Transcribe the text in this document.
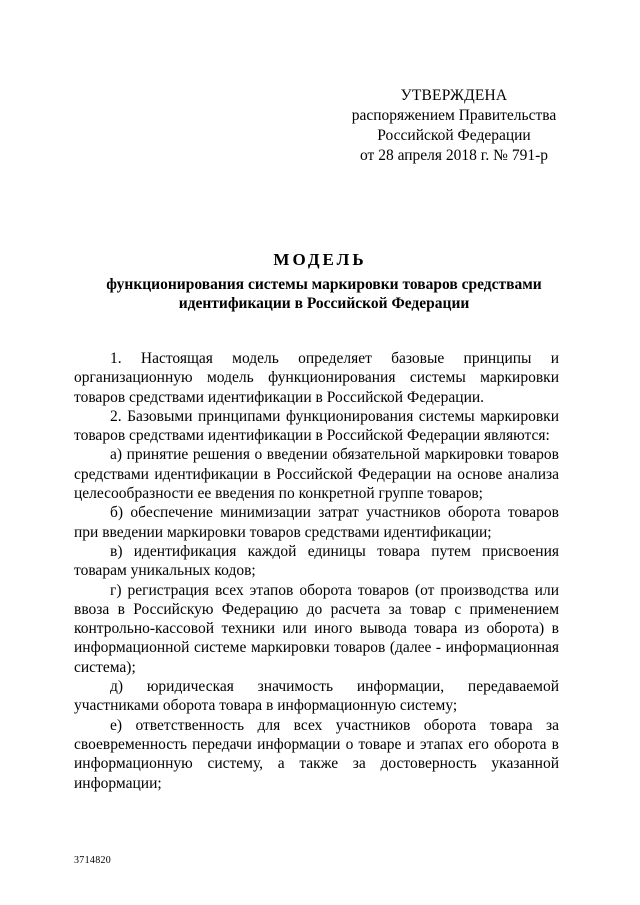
УТВЕРЖДЕНА
распоряжением Правительства
Российской Федерации
от 28 апреля 2018 г. № 791-р
МОДЕЛЬ
функционирования системы маркировки товаров средствами идентификации в Российской Федерации

1. Настоящая модель определяет базовые принципы и организационную модель функционирования системы маркировки товаров средствами идентификации в Российской Федерации.

2. Базовыми принципами функционирования системы маркировки товаров средствами идентификации в Российской Федерации являются:

а) принятие решения о введении обязательной маркировки товаров средствами идентификации в Российской Федерации на основе анализа целесообразности ее введения по конкретной группе товаров;

б) обеспечение минимизации затрат участников оборота товаров при введении маркировки товаров средствами идентификации;

в) идентификация каждой единицы товара путем присвоения товарам уникальных кодов;

г) регистрация всех этапов оборота товаров (от производства или ввоза в Российскую Федерацию до расчета за товар с применением контрольно-кассовой техники или иного вывода товара из оборота) в информационной системе маркировки товаров (далее - информационная система);

д) юридическая значимость информации, передаваемой участниками оборота товара в информационную систему;

е) ответственность для всех участников оборота товара за своевременность передачи информации о товаре и этапах его оборота в информационную систему, а также за достоверность указанной информации;

3714820
